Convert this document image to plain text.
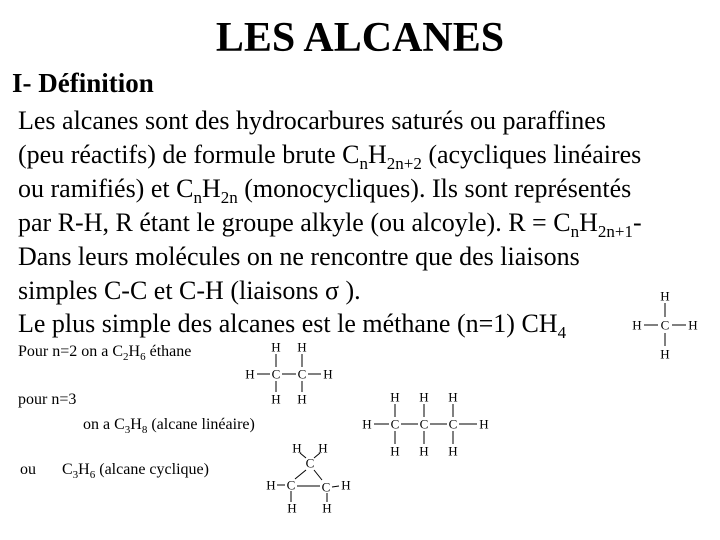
LES ALCANES
I- Définition
Les alcanes sont des hydrocarbures saturés ou paraffines
(peu réactifs) de formule brute $C_nH_{2n+2}$ (acycliques linéaires
ou ramifiés) et $C_nH_{2n}$ (monocycliques). Ils sont représentés
par R-H, R étant le groupe alkyle (ou alcoyle). $R = C_nH_{2n+1}-$
Dans leurs molécules on ne rencontre que des liaisons
simples C-C et C-H (liaisons σ ).
Le plus simple des alcanes est le méthane (n=1) $CH_4$
Pour n=2 on a $C_2H_6$ éthane
pour n=3
on a $C_3H_8$ (alcane linéaire)
ou $C_3H_6$ (alcane cyclique)
C
H
H
H	H
C C
H	H
H H
H H
C C C
H	H
H H H
H H H
C
C C
H H
H	H
H H
